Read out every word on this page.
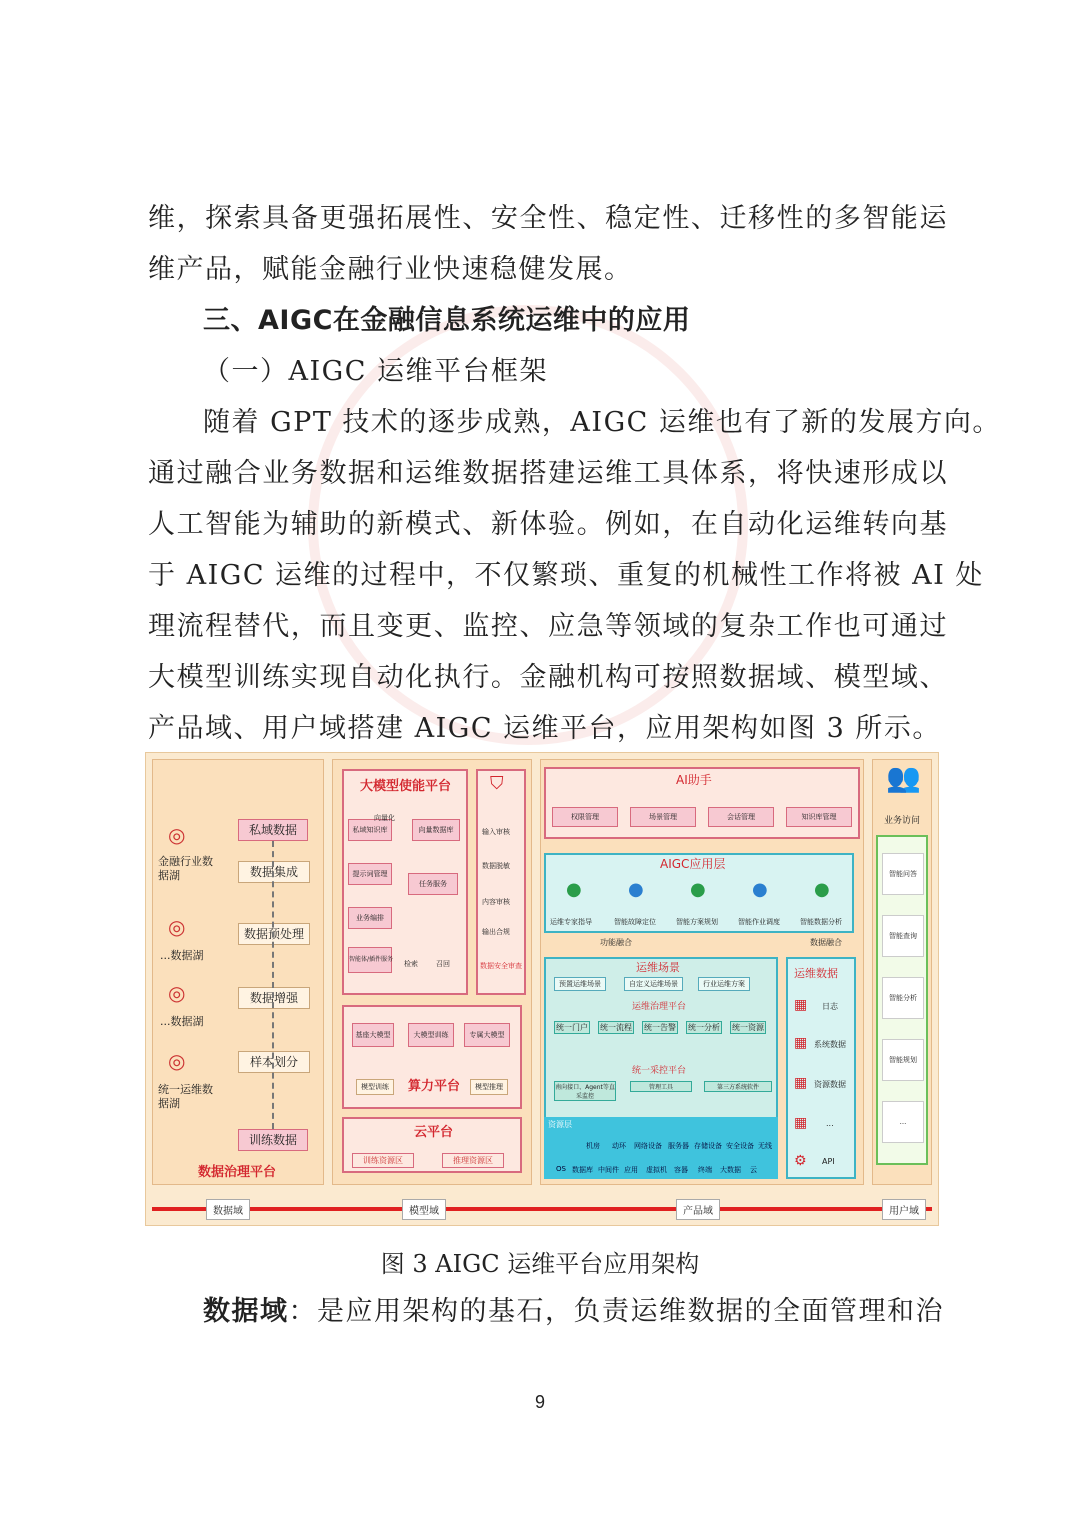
维，探索具备更强拓展性、安全性、稳定性、迁移性的多智能运
维产品，赋能金融行业快速稳健发展。
三、AIGC在金融信息系统运维中的应用
（一）AIGC 运维平台框架
随着 GPT 技术的逐步成熟，AIGC 运维也有了新的发展方向。
通过融合业务数据和运维数据搭建运维工具体系，将快速形成以
人工智能为辅助的新模式、新体验。例如，在自动化运维转向基
于 AIGC 运维的过程中，不仅繁琐、重复的机械性工作将被 AI 处
理流程替代，而且变更、监控、应急等领域的复杂工作也可通过
大模型训练实现自动化执行。金融机构可按照数据域、模型域、
产品域、用户域搭建 AIGC 运维平台，应用架构如图 3 所示。
◎
金融行业数据湖
◎
...数据湖
◎
...数据湖
◎
统一运维数据湖
私域数据
数据集成
数据预处理
数据增强
样本划分
训练数据
数据治理平台
大模型使能平台
私域知识库
向量化
向量数据库
提示词管理
任务服务
业务编排
智能体/插件服务
检索	召回
⛉
输入审核
数据脱敏
内容审核
输出合规
数据安全审查
基座大模型	大模型训练	专属大模型
模型训练	算力平台	模型推理
云平台
训练资源区	推理资源区
AI助手
权限管理	场景管理	会话管理	知识库管理
AIGC应用层
●	●	●	●	●
运维专家指导	智能故障定位	智能方案规划	智能作业调度	智能数据分析
功能融合	数据融合
运维场景
预置运维场景	自定义运维场景	行业运维方案
运维治理平台
统一门户 统一流程 统一告警 统一分析 统一资源
统一采控平台
南向接口、Agent等直采监控
管理工具	第三方系统软件
资源层
机房 动环 网络设备 服务器 存储设备 安全设备 无线
OS 数据库 中间件 应用 虚拟机 容器 终端 大数据 云
运维数据
▦ 日志
▦ 系统数据
▦ 资源数据
▦ ...
⚙ API
👥
业务访问
智能问答
智能查询
智能分析
智能规划
...
数据域	模型域	产品域	用户域
图 3 AIGC 运维平台应用架构
数据域：是应用架构的基石，负责运维数据的全面管理和治
9
